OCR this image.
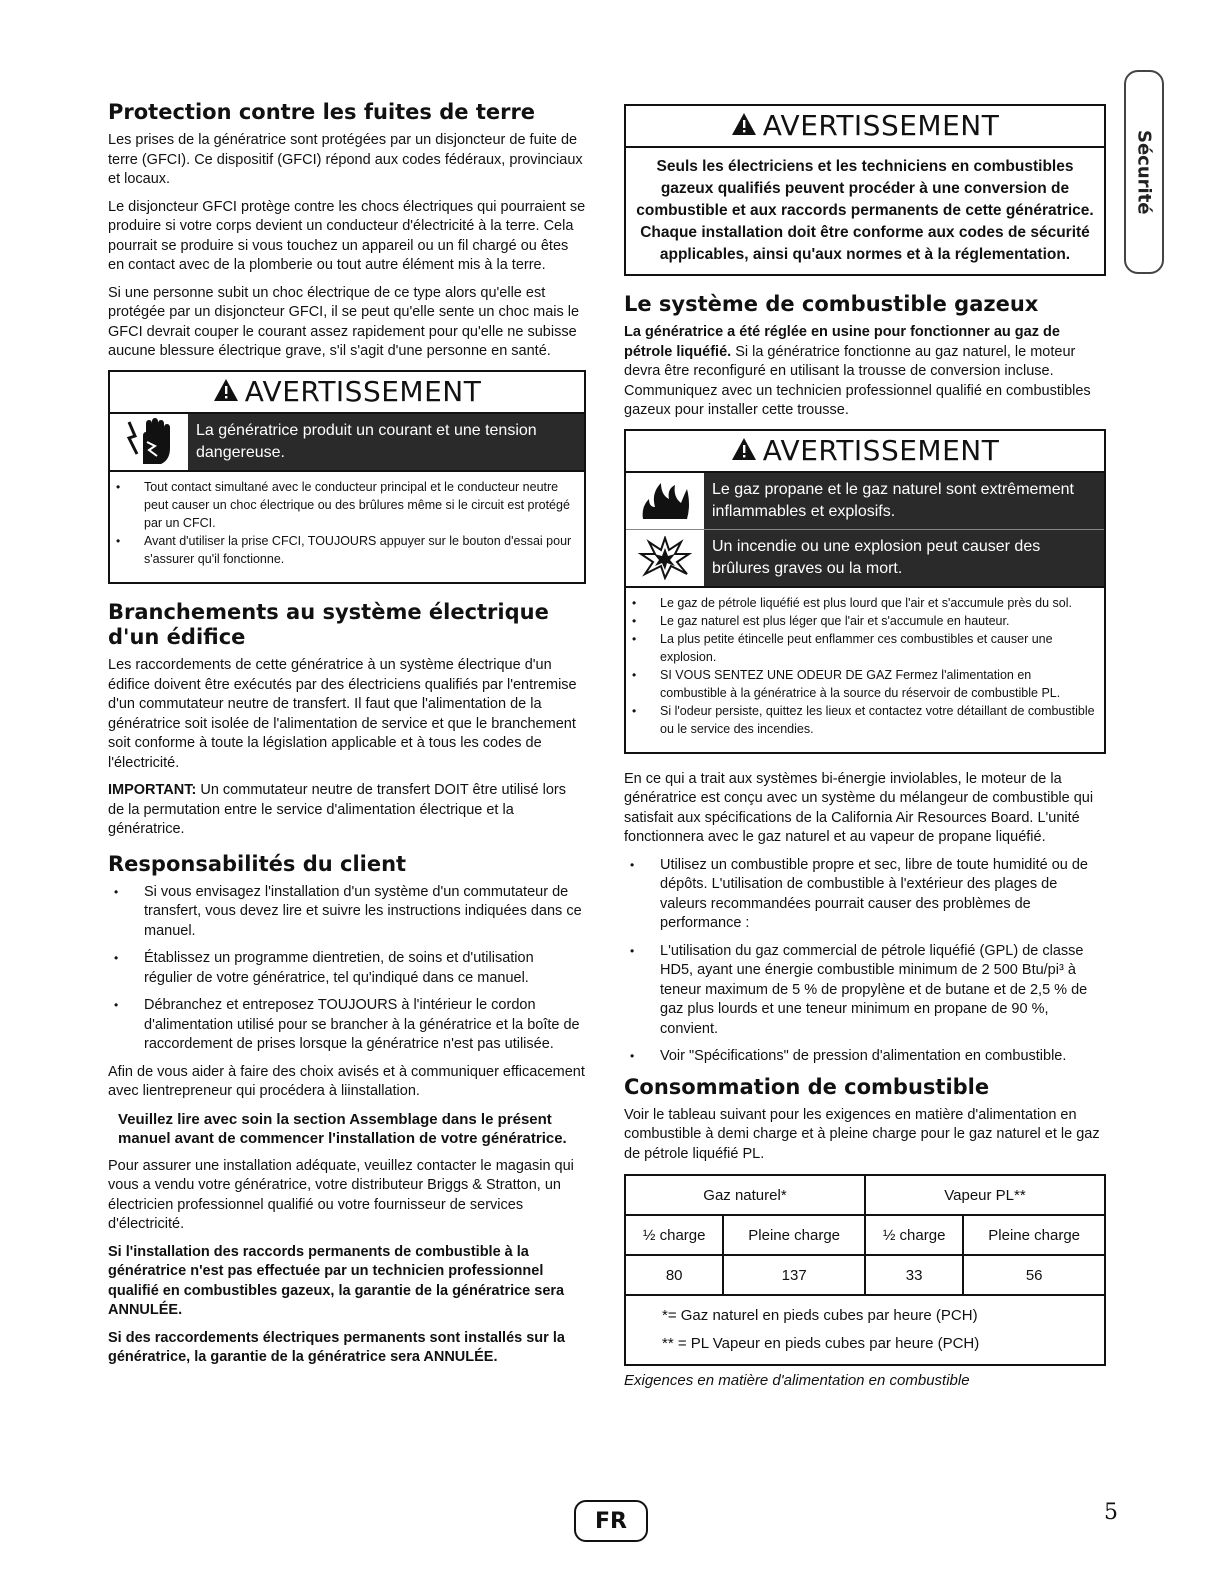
Sécurité
Protection contre les fuites de terre

Les prises de la génératrice sont protégées par un disjoncteur de fuite de terre (GFCI). Ce dispositif (GFCI) répond aux codes fédéraux, provinciaux et locaux.

Le disjoncteur GFCI protège contre les chocs électriques qui pourraient se produire si votre corps devient un conducteur d'électricité à la terre. Cela pourrait se produire si vous touchez un appareil ou un fil chargé ou êtes en contact avec de la plomberie ou tout autre élément mis à la terre.

Si une personne subit un choc électrique de ce type alors qu'elle est protégée par un disjoncteur GFCI, il se peut qu'elle sente un choc mais le GFCI devrait couper le courant assez rapidement pour qu'elle ne subisse aucune blessure électrique grave, s'il s'agit d'une personne en santé.

AVERTISSEMENT
La génératrice produit un courant et une tension dangereuse.
• Tout contact simultané avec le conducteur principal et le conducteur neutre peut causer un choc électrique ou des brûlures même si le circuit est protégé par un CFCI.
• Avant d'utiliser la prise CFCI, TOUJOURS appuyer sur le bouton d'essai pour s'assurer qu'il fonctionne.
Branchements au système électrique d'un édifice

Les raccordements de cette génératrice à un système électrique d'un édifice doivent être exécutés par des électriciens qualifiés par l'entremise d'un commutateur neutre de transfert. Il faut que l'alimentation de la génératrice soit isolée de l'alimentation de service et que le branchement soit conforme à toute la législation applicable et à tous les codes de l'électricité.

IMPORTANT: Un commutateur neutre de transfert DOIT être utilisé lors de la permutation entre le service d'alimentation électrique et la génératrice.

Responsabilités du client
• Si vous envisagez l'installation d'un système d'un commutateur de transfert, vous devez lire et suivre les instructions indiquées dans ce manuel.
• Établissez un programme dientretien, de soins et d'utilisation régulier de votre génératrice, tel qu'indiqué dans ce manuel.
• Débranchez et entreposez TOUJOURS à l'intérieur le cordon d'alimentation utilisé pour se brancher à la génératrice et la boîte de raccordement de prises lorsque la génératrice n'est pas utilisée.

Afin de vous aider à faire des choix avisés et à communiquer efficacement avec lientrepreneur qui procédera à liinstallation.

Veuillez lire avec soin la section Assemblage dans le présent manuel avant de commencer l'installation de votre génératrice.

Pour assurer une installation adéquate, veuillez contacter le magasin qui vous a vendu votre génératrice, votre distributeur Briggs & Stratton, un électricien professionnel qualifié ou votre fournisseur de services d'électricité.

Si l'installation des raccords permanents de combustible à la génératrice n'est pas effectuée par un technicien professionnel qualifié en combustibles gazeux, la garantie de la génératrice sera ANNULÉE.

Si des raccordements électriques permanents sont installés sur la génératrice, la garantie de la génératrice sera ANNULÉE.

AVERTISSEMENT
Seuls les électriciens et les techniciens en combustibles gazeux qualifiés peuvent procéder à une conversion de combustible et aux raccords permanents de cette génératrice. Chaque installation doit être conforme aux codes de sécurité applicables, ainsi qu'aux normes et à la réglementation.
Le système de combustible gazeux

La génératrice a été réglée en usine pour fonctionner au gaz de pétrole liquéfié. Si la génératrice fonctionne au gaz naturel, le moteur devra être reconfiguré en utilisant la trousse de conversion incluse. Communiquez avec un technicien professionnel qualifié en combustibles gazeux pour installer cette trousse.

AVERTISSEMENT
Le gaz propane et le gaz naturel sont extrêmement inflammables et explosifs.
Un incendie ou une explosion peut causer des brûlures graves ou la mort.
• Le gaz de pétrole liquéfié est plus lourd que l'air et s'accumule près du sol.
• Le gaz naturel est plus léger que l'air et s'accumule en hauteur.
• La plus petite étincelle peut enflammer ces combustibles et causer une explosion.
• SI VOUS SENTEZ UNE ODEUR DE GAZ Fermez l'alimentation en combustible à la génératrice à la source du réservoir de combustible PL.
• Si l'odeur persiste, quittez les lieux et contactez votre détaillant de combustible ou le service des incendies.

En ce qui a trait aux systèmes bi-énergie inviolables, le moteur de la génératrice est conçu avec un système du mélangeur de combustible qui satisfait aux spécifications de la California Air Resources Board. L'unité fonctionnera avec le gaz naturel et au vapeur de propane liquéfié.

• Utilisez un combustible propre et sec, libre de toute humidité ou de dépôts. L'utilisation de combustible à l'extérieur des plages de valeurs recommandées pourrait causer des problèmes de performance :
• L'utilisation du gaz commercial de pétrole liquéfié (GPL) de classe HD5, ayant une énergie combustible minimum de 2 500 Btu/pi³ à teneur maximum de 5 % de propylène et de butane et de 2,5 % de gaz plus lourds et une teneur minimum en propane de 90 %, convient.
• Voir "Spécifications" de pression d'alimentation en combustible.
Consommation de combustible

Voir le tableau suivant pour les exigences en matière d'alimentation en combustible à demi charge et à pleine charge pour le gaz naturel et le gaz de pétrole liquéfié PL.

Gaz naturel*		Vapeur PL**	
½ charge	Pleine charge	½ charge	Pleine charge
80	137	33	56

*= Gaz naturel en pieds cubes par heure (PCH)
** = PL Vapeur en pieds cubes par heure (PCH)			
Exigences en matière d'alimentation en combustible
FR	5
